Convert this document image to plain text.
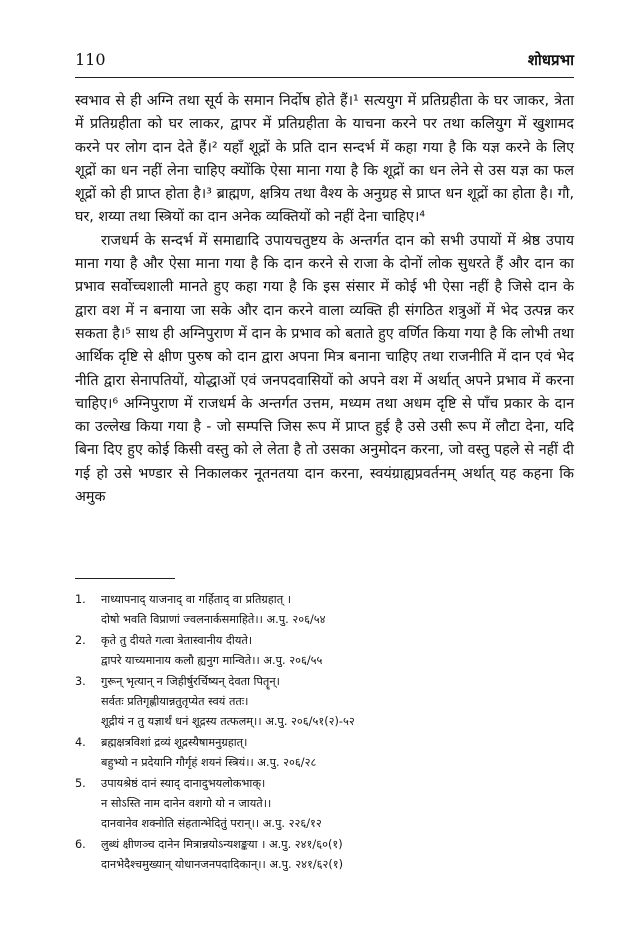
110	शोधप्रभा

स्वभाव से ही अग्नि तथा सूर्य के समान निर्दोष होते हैं।¹ सत्ययुग में प्रतिग्रहीता के घर जाकर, त्रेता में प्रतिग्रहीता को घर लाकर, द्वापर में प्रतिग्रहीता के याचना करने पर तथा कलियुग में खुशामद करने पर लोग दान देते हैं।² यहाँ शूद्रों के प्रति दान सन्दर्भ में कहा गया है कि यज्ञ करने के लिए शूद्रों का धन नहीं लेना चाहिए क्योंकि ऐसा माना गया है कि शूद्रों का धन लेने से उस यज्ञ का फल शूद्रों को ही प्राप्त होता है।³ ब्राह्मण, क्षत्रिय तथा वैश्य के अनुग्रह से प्राप्त धन शूद्रों का होता है। गौ, घर, शय्या तथा स्त्रियों का दान अनेक व्यक्तियों को नहीं देना चाहिए।⁴

राजधर्म के सन्दर्भ में समाद्यादि उपायचतुष्टय के अन्तर्गत दान को सभी उपायों में श्रेष्ठ उपाय माना गया है और ऐसा माना गया है कि दान करने से राजा के दोनों लोक सुधरते हैं और दान का प्रभाव सर्वोच्चशाली मानते हुए कहा गया है कि इस संसार में कोई भी ऐसा नहीं है जिसे दान के द्वारा वश में न बनाया जा सके और दान करने वाला व्यक्ति ही संगठित शत्रुओं में भेद उत्पन्न कर सकता है।⁵ साथ ही अग्निपुराण में दान के प्रभाव को बताते हुए वर्णित किया गया है कि लोभी तथा आर्थिक दृष्टि से क्षीण पुरुष को दान द्वारा अपना मित्र बनाना चाहिए तथा राजनीति में दान एवं भेद नीति द्वारा सेनापतियों, योद्धाओं एवं जनपदवासियों को अपने वश में अर्थात् अपने प्रभाव में करना चाहिए।⁶ अग्निपुराण में राजधर्म के अन्तर्गत उत्तम, मध्यम तथा अधम दृष्टि से पाँच प्रकार के दान का उल्लेख किया गया है - जो सम्पत्ति जिस रूप में प्राप्त हुई है उसे उसी रूप में लौटा देना, यदि बिना दिए हुए कोई किसी वस्तु को ले लेता है तो उसका अनुमोदन करना, जो वस्तु पहले से नहीं दी गई हो उसे भण्डार से निकालकर नूतनतया दान करना, स्वयंग्राह्यप्रवर्तनम् अर्थात् यह कहना कि अमुक

1. नाध्यापनाद् याजनाद् वा गर्हिताद् वा प्रतिग्रहात् ।
दोषो भवति विप्राणां ज्वलनार्कसमाहिते।। अ.पु. २०६/५४
2. कृते तु दीयते गत्वा त्रेतास्वानीय दीयते।
द्वापरे याच्यमानाय कलौ ह्यनुग मान्विते।। अ.पु. २०६/५५
3. गुरून् भृत्यान् न जिहीर्षुरर्चिष्यन् देवता पितॄन्।
सर्वतः प्रतिगृह्णीयान्नतुतृप्येत स्वयं ततः।
शूद्रीयं न तु यज्ञार्थं धनं शूद्रस्य तत्फलम्।। अ.पु. २०६/५१(२)-५२
4. ब्रह्मक्षत्रविशां द्रव्यं शूद्रस्यैषामनुग्रहात्।
बहुभ्यो न प्रदेयानि गौर्गृहं शयनं स्त्रियं।। अ.पु. २०६/२८
5. उपायश्रेष्ठं दानं स्याद् दानादुभयलोकभाक्।
न सोऽस्ति नाम दानेन वशगो यो न जायते।।
दानवानेव शक्नोति संहतान्भेदितुं परान्।। अ.पु. २२६/१२
6. लुब्धं क्षीणञ्च दानेन मित्रान्नयोऽन्यशङ्कया । अ.पु. २४१/६०(१)
दानभेदैश्चमुख्यान् योधानजनपदादिकान्।। अ.पु. २४१/६२(१)
